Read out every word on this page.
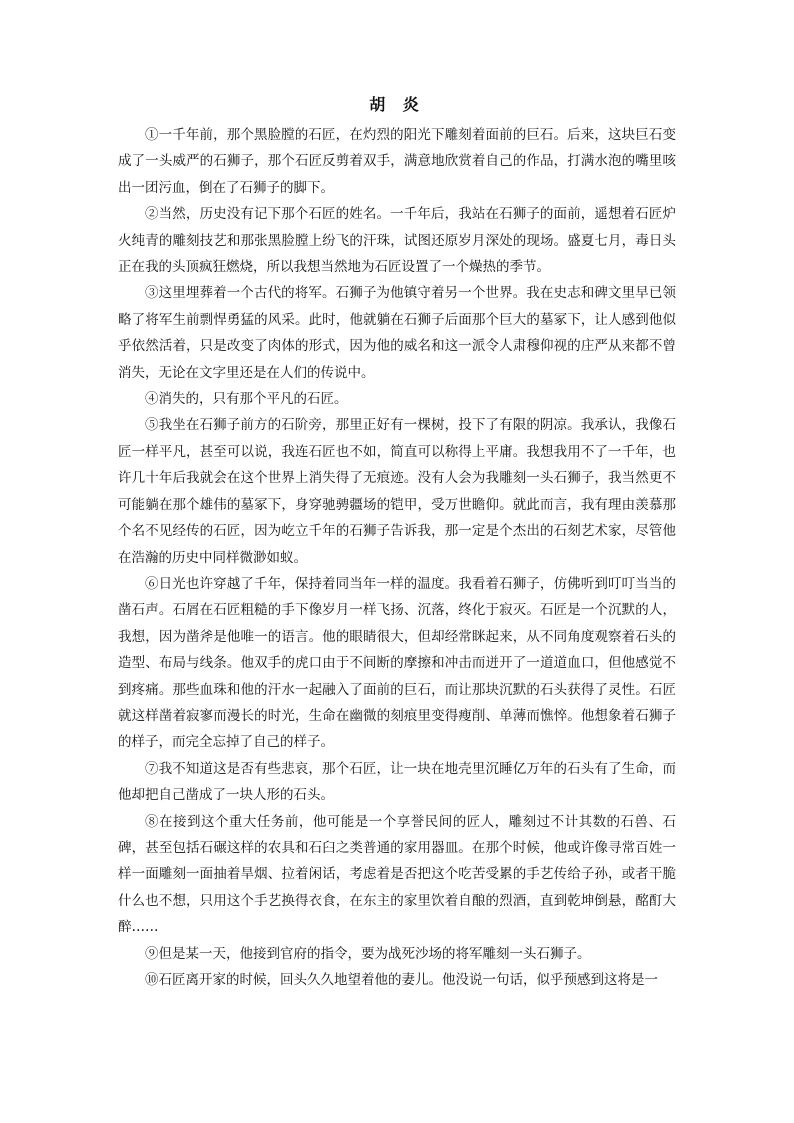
胡 炎

①一千年前，那个黑脸膛的石匠，在灼烈的阳光下雕刻着面前的巨石。后来，这块巨石变成了一头威严的石狮子，那个石匠反剪着双手，满意地欣赏着自己的作品，打满水泡的嘴里咳出一团污血，倒在了石狮子的脚下。

②当然，历史没有记下那个石匠的姓名。一千年后，我站在石狮子的面前，遥想着石匠炉火纯青的雕刻技艺和那张黑脸膛上纷飞的汗珠，试图还原岁月深处的现场。盛夏七月，毒日头正在我的头顶疯狂燃烧，所以我想当然地为石匠设置了一个燥热的季节。

③这里埋葬着一个古代的将军。石狮子为他镇守着另一个世界。我在史志和碑文里早已领略了将军生前剽悍勇猛的风采。此时，他就躺在石狮子后面那个巨大的墓冢下，让人感到他似乎依然活着，只是改变了肉体的形式，因为他的威名和这一派令人肃穆仰视的庄严从来都不曾消失，无论在文字里还是在人们的传说中。

④消失的，只有那个平凡的石匠。

⑤我坐在石狮子前方的石阶旁，那里正好有一棵树，投下了有限的阴凉。我承认，我像石匠一样平凡，甚至可以说，我连石匠也不如，简直可以称得上平庸。我想我用不了一千年，也许几十年后我就会在这个世界上消失得了无痕迹。没有人会为我雕刻一头石狮子，我当然更不可能躺在那个雄伟的墓冢下，身穿驰骋疆场的铠甲，受万世瞻仰。就此而言，我有理由羡慕那个名不见经传的石匠，因为屹立千年的石狮子告诉我，那一定是个杰出的石刻艺术家，尽管他在浩瀚的历史中同样微渺如蚁。

⑥日光也许穿越了千年，保持着同当年一样的温度。我看着石狮子，仿佛听到叮叮当当的凿石声。石屑在石匠粗糙的手下像岁月一样飞扬、沉落，终化于寂灭。石匠是一个沉默的人，我想，因为凿斧是他唯一的语言。他的眼睛很大，但却经常眯起来，从不同角度观察着石头的造型、布局与线条。他双手的虎口由于不间断的摩擦和冲击而迸开了一道道血口，但他感觉不到疼痛。那些血珠和他的汗水一起融入了面前的巨石，而让那块沉默的石头获得了灵性。石匠就这样凿着寂寥而漫长的时光，生命在幽微的刻痕里变得瘦削、单薄而憔悴。他想象着石狮子的样子，而完全忘掉了自己的样子。

⑦我不知道这是否有些悲哀，那个石匠，让一块在地壳里沉睡亿万年的石头有了生命，而他却把自己凿成了一块人形的石头。

⑧在接到这个重大任务前，他可能是一个享誉民间的匠人，雕刻过不计其数的石兽、石碑，甚至包括石碾这样的农具和石臼之类普通的家用器皿。在那个时候，他或许像寻常百姓一样一面雕刻一面抽着旱烟、拉着闲话，考虑着是否把这个吃苦受累的手艺传给子孙，或者干脆什么也不想，只用这个手艺换得衣食，在东主的家里饮着自酿的烈酒，直到乾坤倒悬，酩酊大醉……

⑨但是某一天，他接到官府的指令，要为战死沙场的将军雕刻一头石狮子。

⑩石匠离开家的时候，回头久久地望着他的妻儿。他没说一句话，似乎预感到这将是一
